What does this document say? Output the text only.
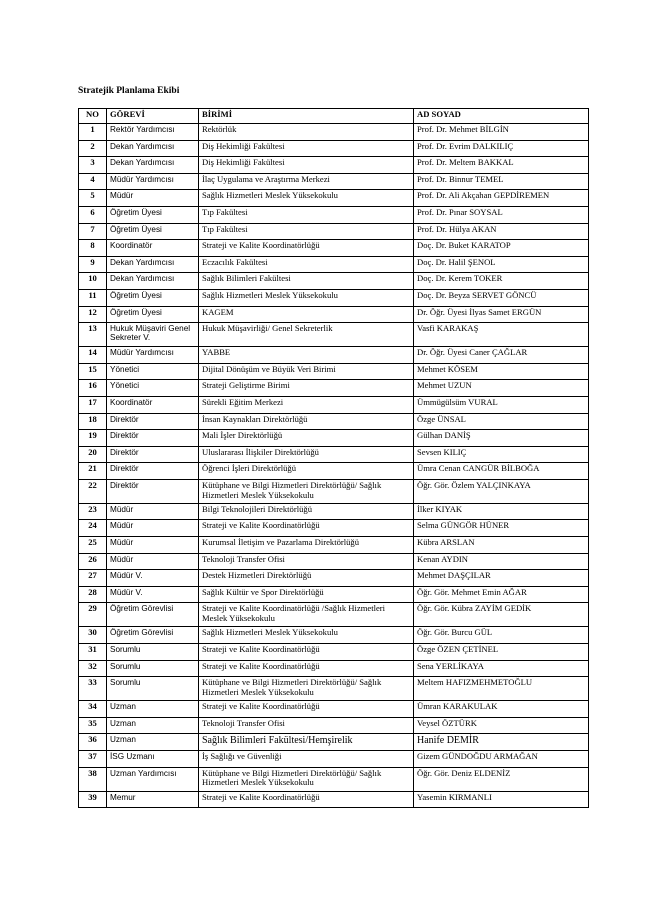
Stratejik Planlama Ekibi

NO	GÖREVİ	BİRİMİ	AD SOYAD
1	Rektör Yardımcısı	Rektörlük	Prof. Dr. Mehmet BİLGİN
2	Dekan Yardımcısı	Diş Hekimliği Fakültesi	Prof. Dr. Evrim DALKILIÇ
3	Dekan Yardımcısı	Diş Hekimliği Fakültesi	Prof. Dr. Meltem BAKKAL
4	Müdür Yardımcısı	İlaç Uygulama ve Araştırma Merkezi	Prof. Dr. Binnur TEMEL
5	Müdür	Sağlık Hizmetleri Meslek Yüksekokulu	Prof. Dr. Ali Akçahan GEPDİREMEN
6	Öğretim Üyesi	Tıp Fakültesi	Prof. Dr. Pınar SOYSAL
7	Öğretim Üyesi	Tıp Fakültesi	Prof. Dr. Hülya AKAN
8	Koordinatör	Strateji ve Kalite Koordinatörlüğü	Doç. Dr. Buket KARATOP
9	Dekan Yardımcısı	Eczacılık Fakültesi	Doç. Dr. Halil ŞENOL
10	Dekan Yardımcısı	Sağlık Bilimleri Fakültesi	Doç. Dr. Kerem TOKER
11	Öğretim Üyesi	Sağlık Hizmetleri Meslek Yüksekokulu	Doç. Dr. Beyza SERVET GÖNCÜ
12	Öğretim Üyesi	KAGEM	Dr. Öğr. Üyesi İlyas Samet ERGÜN
13	Hukuk Müşaviri Genel Sekreter V.	Hukuk Müşavirliği/ Genel Sekreterlik	Vasfi KARAKAŞ
14	Müdür Yardımcısı	YABBE	Dr. Öğr. Üyesi Caner ÇAĞLAR
15	Yönetici	Dijital Dönüşüm ve Büyük Veri Birimi	Mehmet KÖSEM
16	Yönetici	Strateji Geliştirme Birimi	Mehmet UZUN
17	Koordinatör	Sürekli Eğitim Merkezi	Ümmügülsüm VURAL
18	Direktör	İnsan Kaynakları Direktörlüğü	Özge ÜNSAL
19	Direktör	Mali İşler Direktörlüğü	Gülhan DANİŞ
20	Direktör	Uluslararası İlişkiler Direktörlüğü	Sevsen KILIÇ
21	Direktör	Öğrenci İşleri Direktörlüğü	Ümra Cenan CANGÜR BİLBOĞA
22	Direktör	Kütüphane ve Bilgi Hizmetleri Direktörlüğü/ Sağlık Hizmetleri Meslek Yüksekokulu	Öğr. Gör. Özlem YALÇINKAYA
23	Müdür	Bilgi Teknolojileri Direktörlüğü	İlker KIYAK
24	Müdür	Strateji ve Kalite Koordinatörlüğü	Selma GÜNGÖR HÜNER
25	Müdür	Kurumsal İletişim ve Pazarlama Direktörlüğü	Kübra ARSLAN
26	Müdür	Teknoloji Transfer Ofisi	Kenan AYDIN
27	Müdür V.	Destek Hizmetleri Direktörlüğü	Mehmet DAŞÇILAR
28	Müdür V.	Sağlık Kültür ve Spor Direktörlüğü	Öğr. Gör. Mehmet Emin AĞAR
29	Öğretim Görevlisi	Strateji ve Kalite Koordinatörlüğü /Sağlık Hizmetleri Meslek Yüksekokulu	Öğr. Gör. Kübra ZAYİM GEDİK
30	Öğretim Görevlisi	Sağlık Hizmetleri Meslek Yüksekokulu	Öğr. Gör. Burcu GÜL
31	Sorumlu	Strateji ve Kalite Koordinatörlüğü	Özge ÖZEN ÇETİNEL
32	Sorumlu	Strateji ve Kalite Koordinatörlüğü	Sena YERLİKAYA
33	Sorumlu	Kütüphane ve Bilgi Hizmetleri Direktörlüğü/ Sağlık Hizmetleri Meslek Yüksekokulu	Meltem HAFIZMEHMETOĞLU
34	Uzman	Strateji ve Kalite Koordinatörlüğü	Ümran KARAKULAK
35	Uzman	Teknoloji Transfer Ofisi	Veysel ÖZTÜRK
36	Uzman	Sağlık Bilimleri Fakültesi/Hemşirelik	Hanife DEMİR
37	İSG Uzmanı	İş Sağlığı ve Güvenliği	Gizem GÜNDOĞDU ARMAĞAN
38	Uzman Yardımcısı	Kütüphane ve Bilgi Hizmetleri Direktörlüğü/ Sağlık Hizmetleri Meslek Yüksekokulu	Öğr. Gör. Deniz ELDENİZ
39	Memur	Strateji ve Kalite Koordinatörlüğü	Yasemin KIRMANLI
